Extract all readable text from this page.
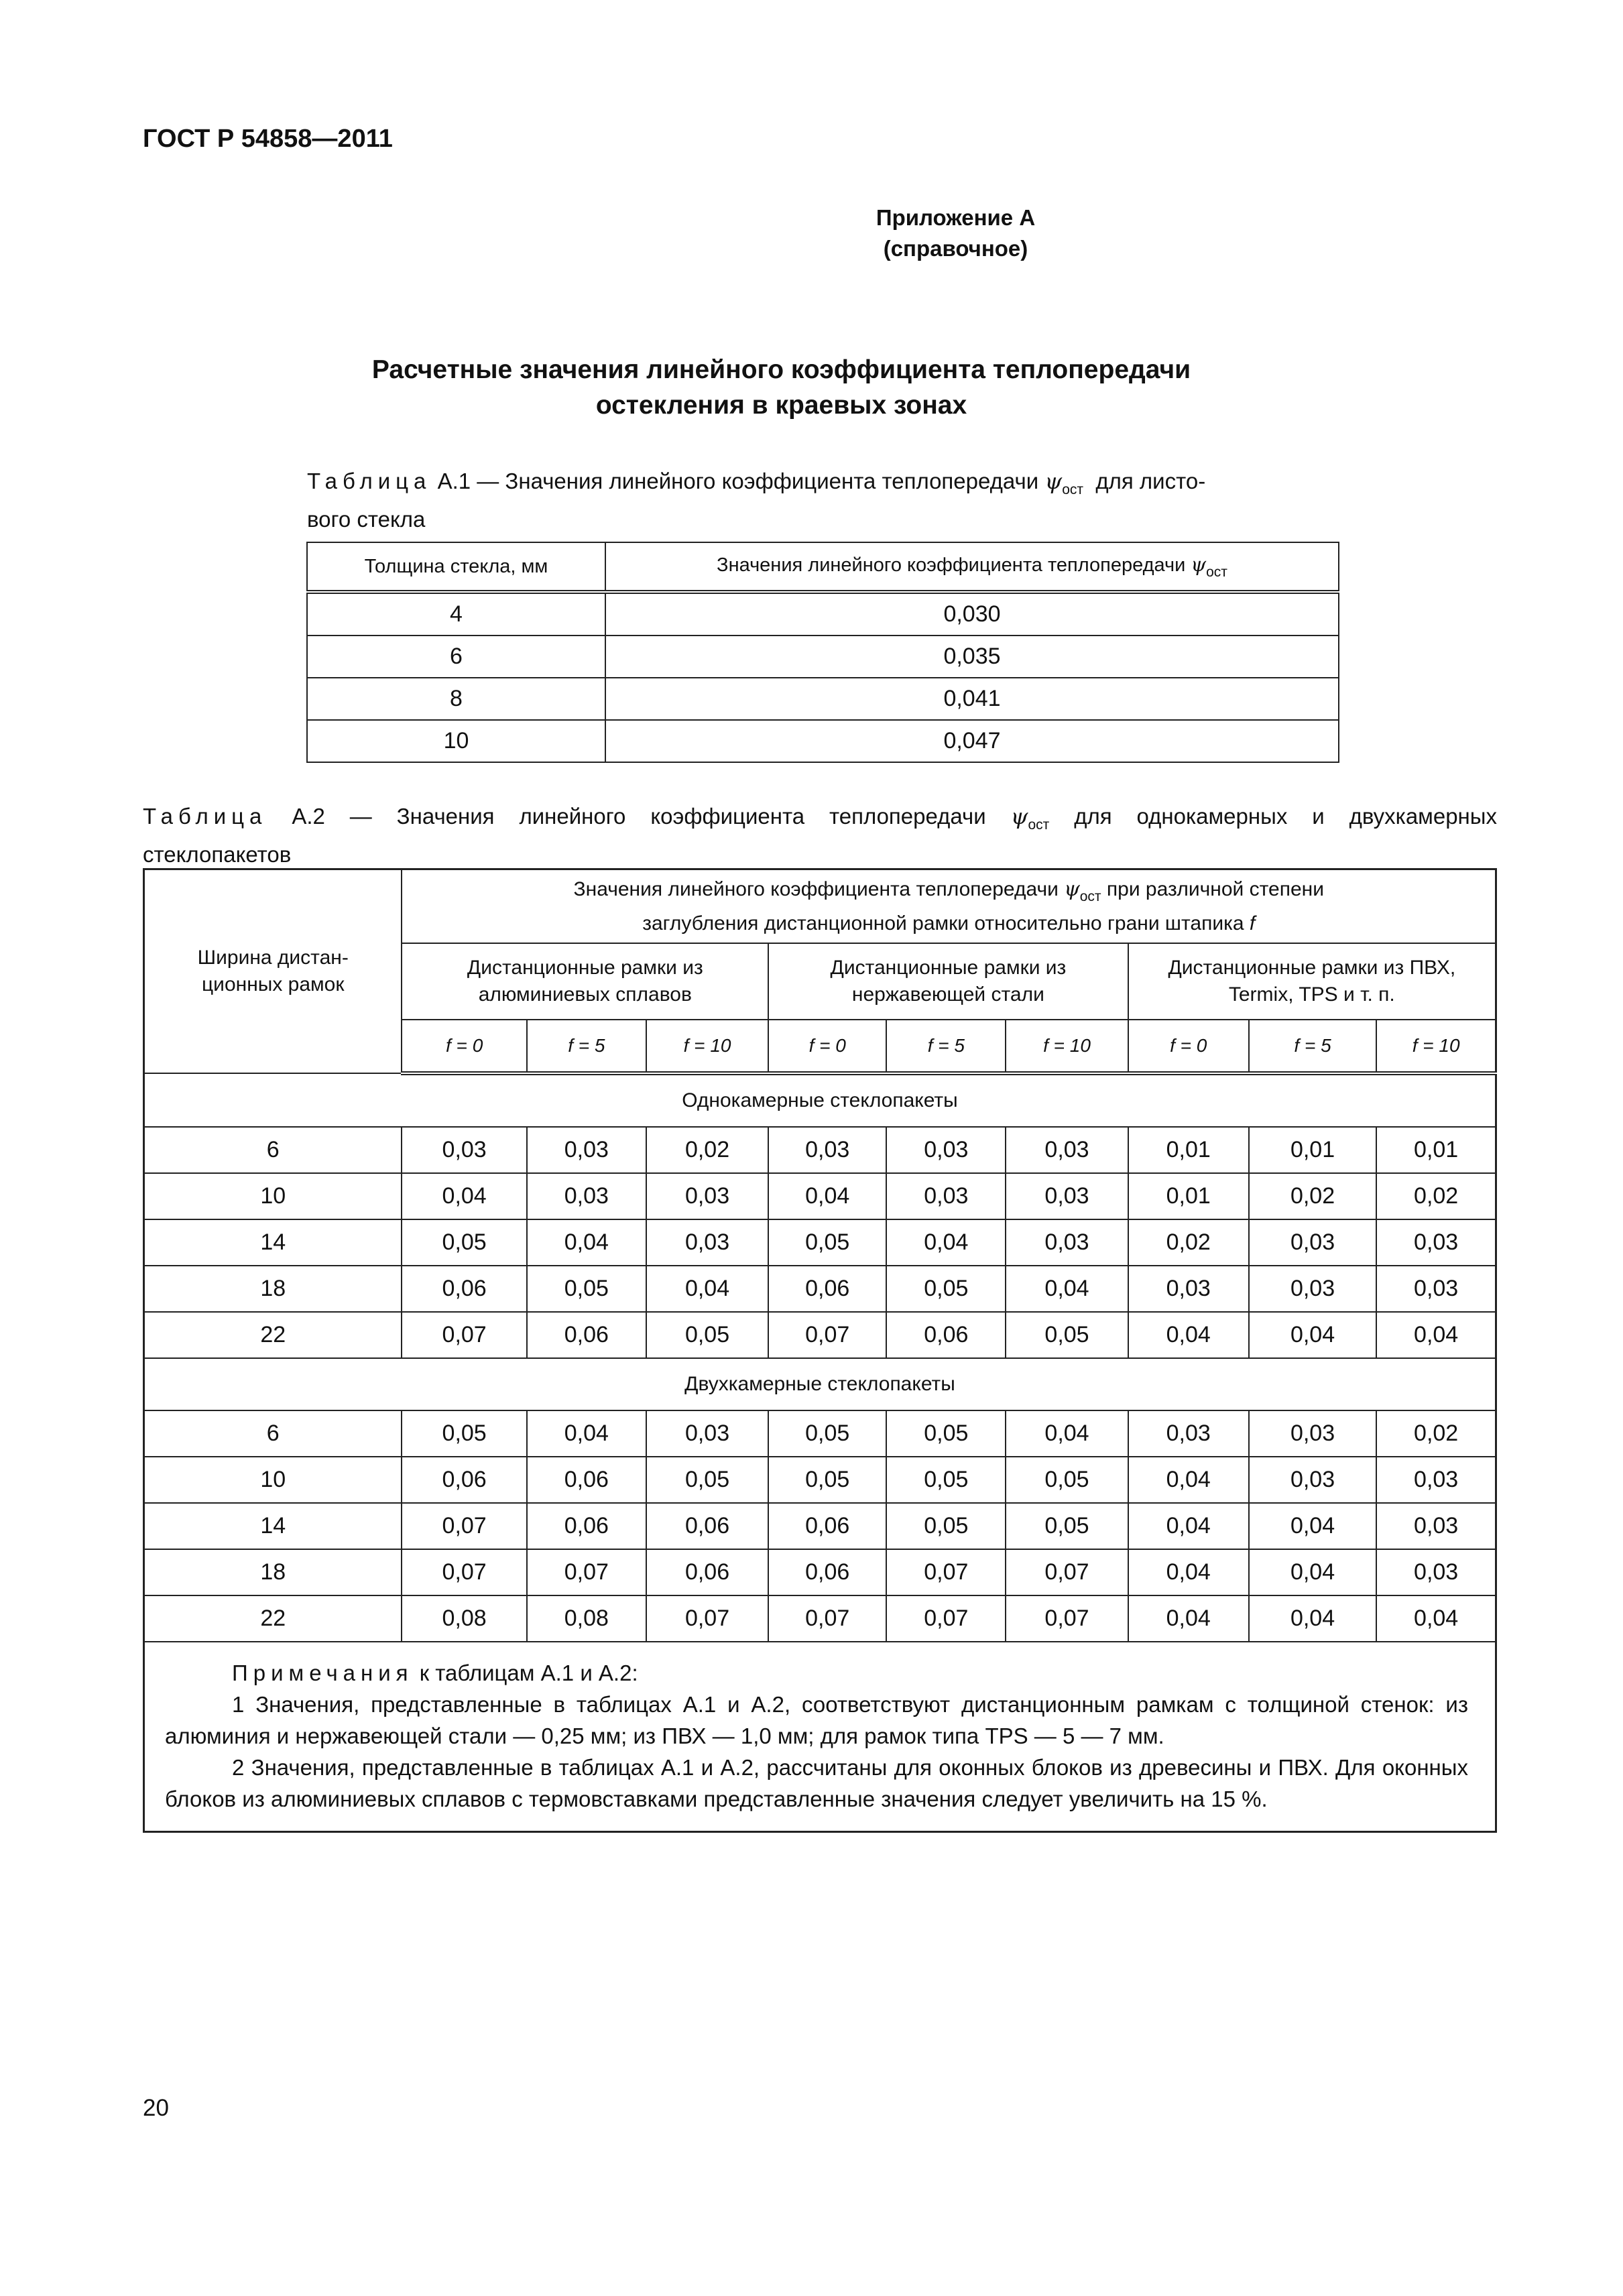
ГОСТ Р 54858—2011
Приложение А
(справочное)
Расчетные значения линейного коэффициента теплопередачи
остекления в краевых зонах
Таблица А.1 — Значения линейного коэффициента теплопередачи $\psi_{ост}$ для листо-
вого стекла
Толщина стекла, мм	Значения линейного коэффициента теплопередачи $\psi_{ост}$
4	0,030
6	0,035
8	0,041
10	0,047
Таблица А.2 — Значения линейного коэффициента теплопередачи $\psi_{ост}$ для однокамерных и двухкамерных
стеклопакетов
Ширина дистан- ционных рамок	Значения линейного коэффициента теплопередачи $\psi_{ост}$ при различной степени
заглубления дистанционной рамки относительно грани штапика f								
	Дистанционные рамки из алюминиевых сплавов			Дистанционные рамки из нержавеющей стали			Дистанционные рамки из ПВХ, Termix, TPS и т. п.		
	f = 0	f = 5	f = 10	f = 0	f = 5	f = 10	f = 0	f = 5	f = 10
Однокамерные стеклопакеты									
6	0,03	0,03	0,02	0,03	0,03	0,03	0,01	0,01	0,01
10	0,04	0,03	0,03	0,04	0,03	0,03	0,01	0,02	0,02
14	0,05	0,04	0,03	0,05	0,04	0,03	0,02	0,03	0,03
18	0,06	0,05	0,04	0,06	0,05	0,04	0,03	0,03	0,03
22	0,07	0,06	0,05	0,07	0,06	0,05	0,04	0,04	0,04
Двухкамерные стеклопакеты									
6	0,05	0,04	0,03	0,05	0,05	0,04	0,03	0,03	0,02
10	0,06	0,06	0,05	0,05	0,05	0,05	0,04	0,03	0,03
14	0,07	0,06	0,06	0,06	0,05	0,05	0,04	0,04	0,03
18	0,07	0,07	0,06	0,06	0,07	0,07	0,04	0,04	0,03
22	0,08	0,08	0,07	0,07	0,07	0,07	0,04	0,04	0,04

Примечания к таблицам А.1 и А.2:

1 Значения, представленные в таблицах А.1 и А.2, соответствуют дистанционным рамкам с толщиной стенок: из алюминия и нержавеющей стали — 0,25 мм; из ПВХ — 1,0 мм; для рамок типа TPS — 5 — 7 мм.

2 Значения, представленные в таблицах А.1 и А.2, рассчитаны для оконных блоков из древесины и ПВХ. Для оконных блоков из алюминиевых сплавов с термовставками представленные значения следует увеличить на 15 %.									

20
